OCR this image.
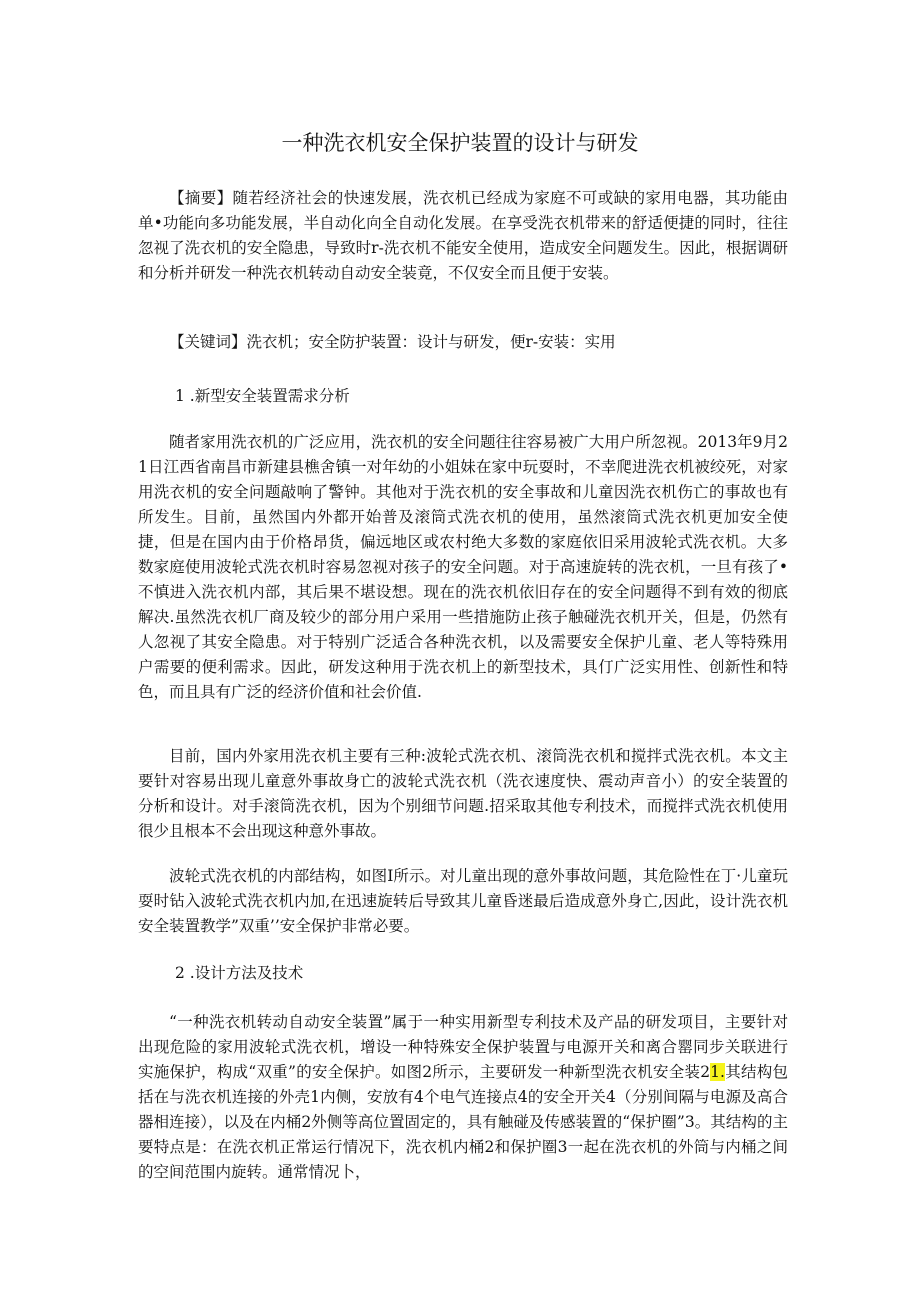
一种洗衣机安全保护装置的设计与研发

【摘要】随若经济社会的快速发展，洗衣机已经成为家庭不可或缺的家用电器，其功能由单•功能向多功能发展，半自动化向全自动化发展。在享受洗衣机带来的舒适便捷的同时，往往忽视了洗衣机的安全隐患，导致时r-洗衣机不能安全使用，造成安全问题发生。因此，根据调研和分析并研发一种洗衣机转动自动安全装竟，不仅安全而且便于安装。

【关键词】洗衣机；安全防护装置：设计与研发，便r-安装：实用

1 .新型安全装置需求分析

随者家用洗衣机的广泛应用，洗衣机的安全问题往往容易被广大用户所忽视。2013年9月21日江西省南昌市新建县樵舍镇一对年幼的小姐妹在家中玩耍时，不幸爬进洗衣机被绞死，对家用洗衣机的安全问题敲响了警钟。其他对于洗衣机的安全事故和儿童因洗衣机伤亡的事故也有所发生。目前，虽然国内外都开始普及滚筒式洗衣机的使用，虽然滚筒式洗衣机更加安全使捷，但是在国内由于价格昂货，偏远地区或农村绝大多数的家庭依旧采用波轮式洗衣机。大多数家庭使用波轮式洗衣机时容易忽视对孩子的安全问题。对于高速旋转的洗衣机，一旦有孩了•不慎进入洗衣机内部，其后果不堪设想。现在的洗衣机依旧存在的安全问题得不到有效的彻底解决.虽然洗衣机厂商及较少的部分用户采用一些措施防止孩子触碰洗衣机开关，但是，仍然有人忽视了其安全隐患。对于特别广泛适合各种洗衣机，以及需要安全保护儿童、老人等特殊用户需要的便利需求。因此，研发这种用于洗衣机上的新型技术，具仃广泛实用性、创新性和特色，而且具有广泛的经济价值和社会价值.

目前，国内外家用洗衣机主要有三种:波轮式洗衣机、滚筒洗衣机和搅拌式洗衣机。本文主要针对容易出现儿童意外事故身亡的波轮式洗衣机（洗衣速度快、震动声音小）的安全装置的分析和设计。对手滚筒洗衣机，因为个别细节问题.招采取其他专利技术，而搅拌式洗衣机使用很少且根本不会出现这种意外事故。

波轮式洗衣机的内部结构，如图I所示。对儿童出现的意外事故问题，其危险性在丁·儿童玩耍时钻入波轮式洗衣机内加,在迅速旋转后导致其儿童昏迷最后造成意外身亡,因此，设计洗衣机安全装置教学”双重’’安全保护非常必要。

2 .设计方法及技术

“一种洗衣机转动自动安全装置”属于一种实用新型专利技术及产品的研发项目，主要针对出现危险的家用波轮式洗衣机，增设一种特殊安全保护装置与电源开关和离合罂同步关联进行实施保护，构成“双重”的安全保护。如图2所示，主要研发一种新型洗衣机安全装21.其结构包括在与洗衣机连接的外壳1内侧，安放有4个电气连接点4的安全开关4（分别间隔与电源及高合器相连接），以及在内桶2外侧等高位置固定的，具有触碰及传感装置的“保护圈”3。其结构的主要特点是：在洗衣机正常运行情况下，洗衣机内桶2和保护圈3一起在洗衣机的外筒与内桶之间的空间范围内旋转。通常情况卜，
